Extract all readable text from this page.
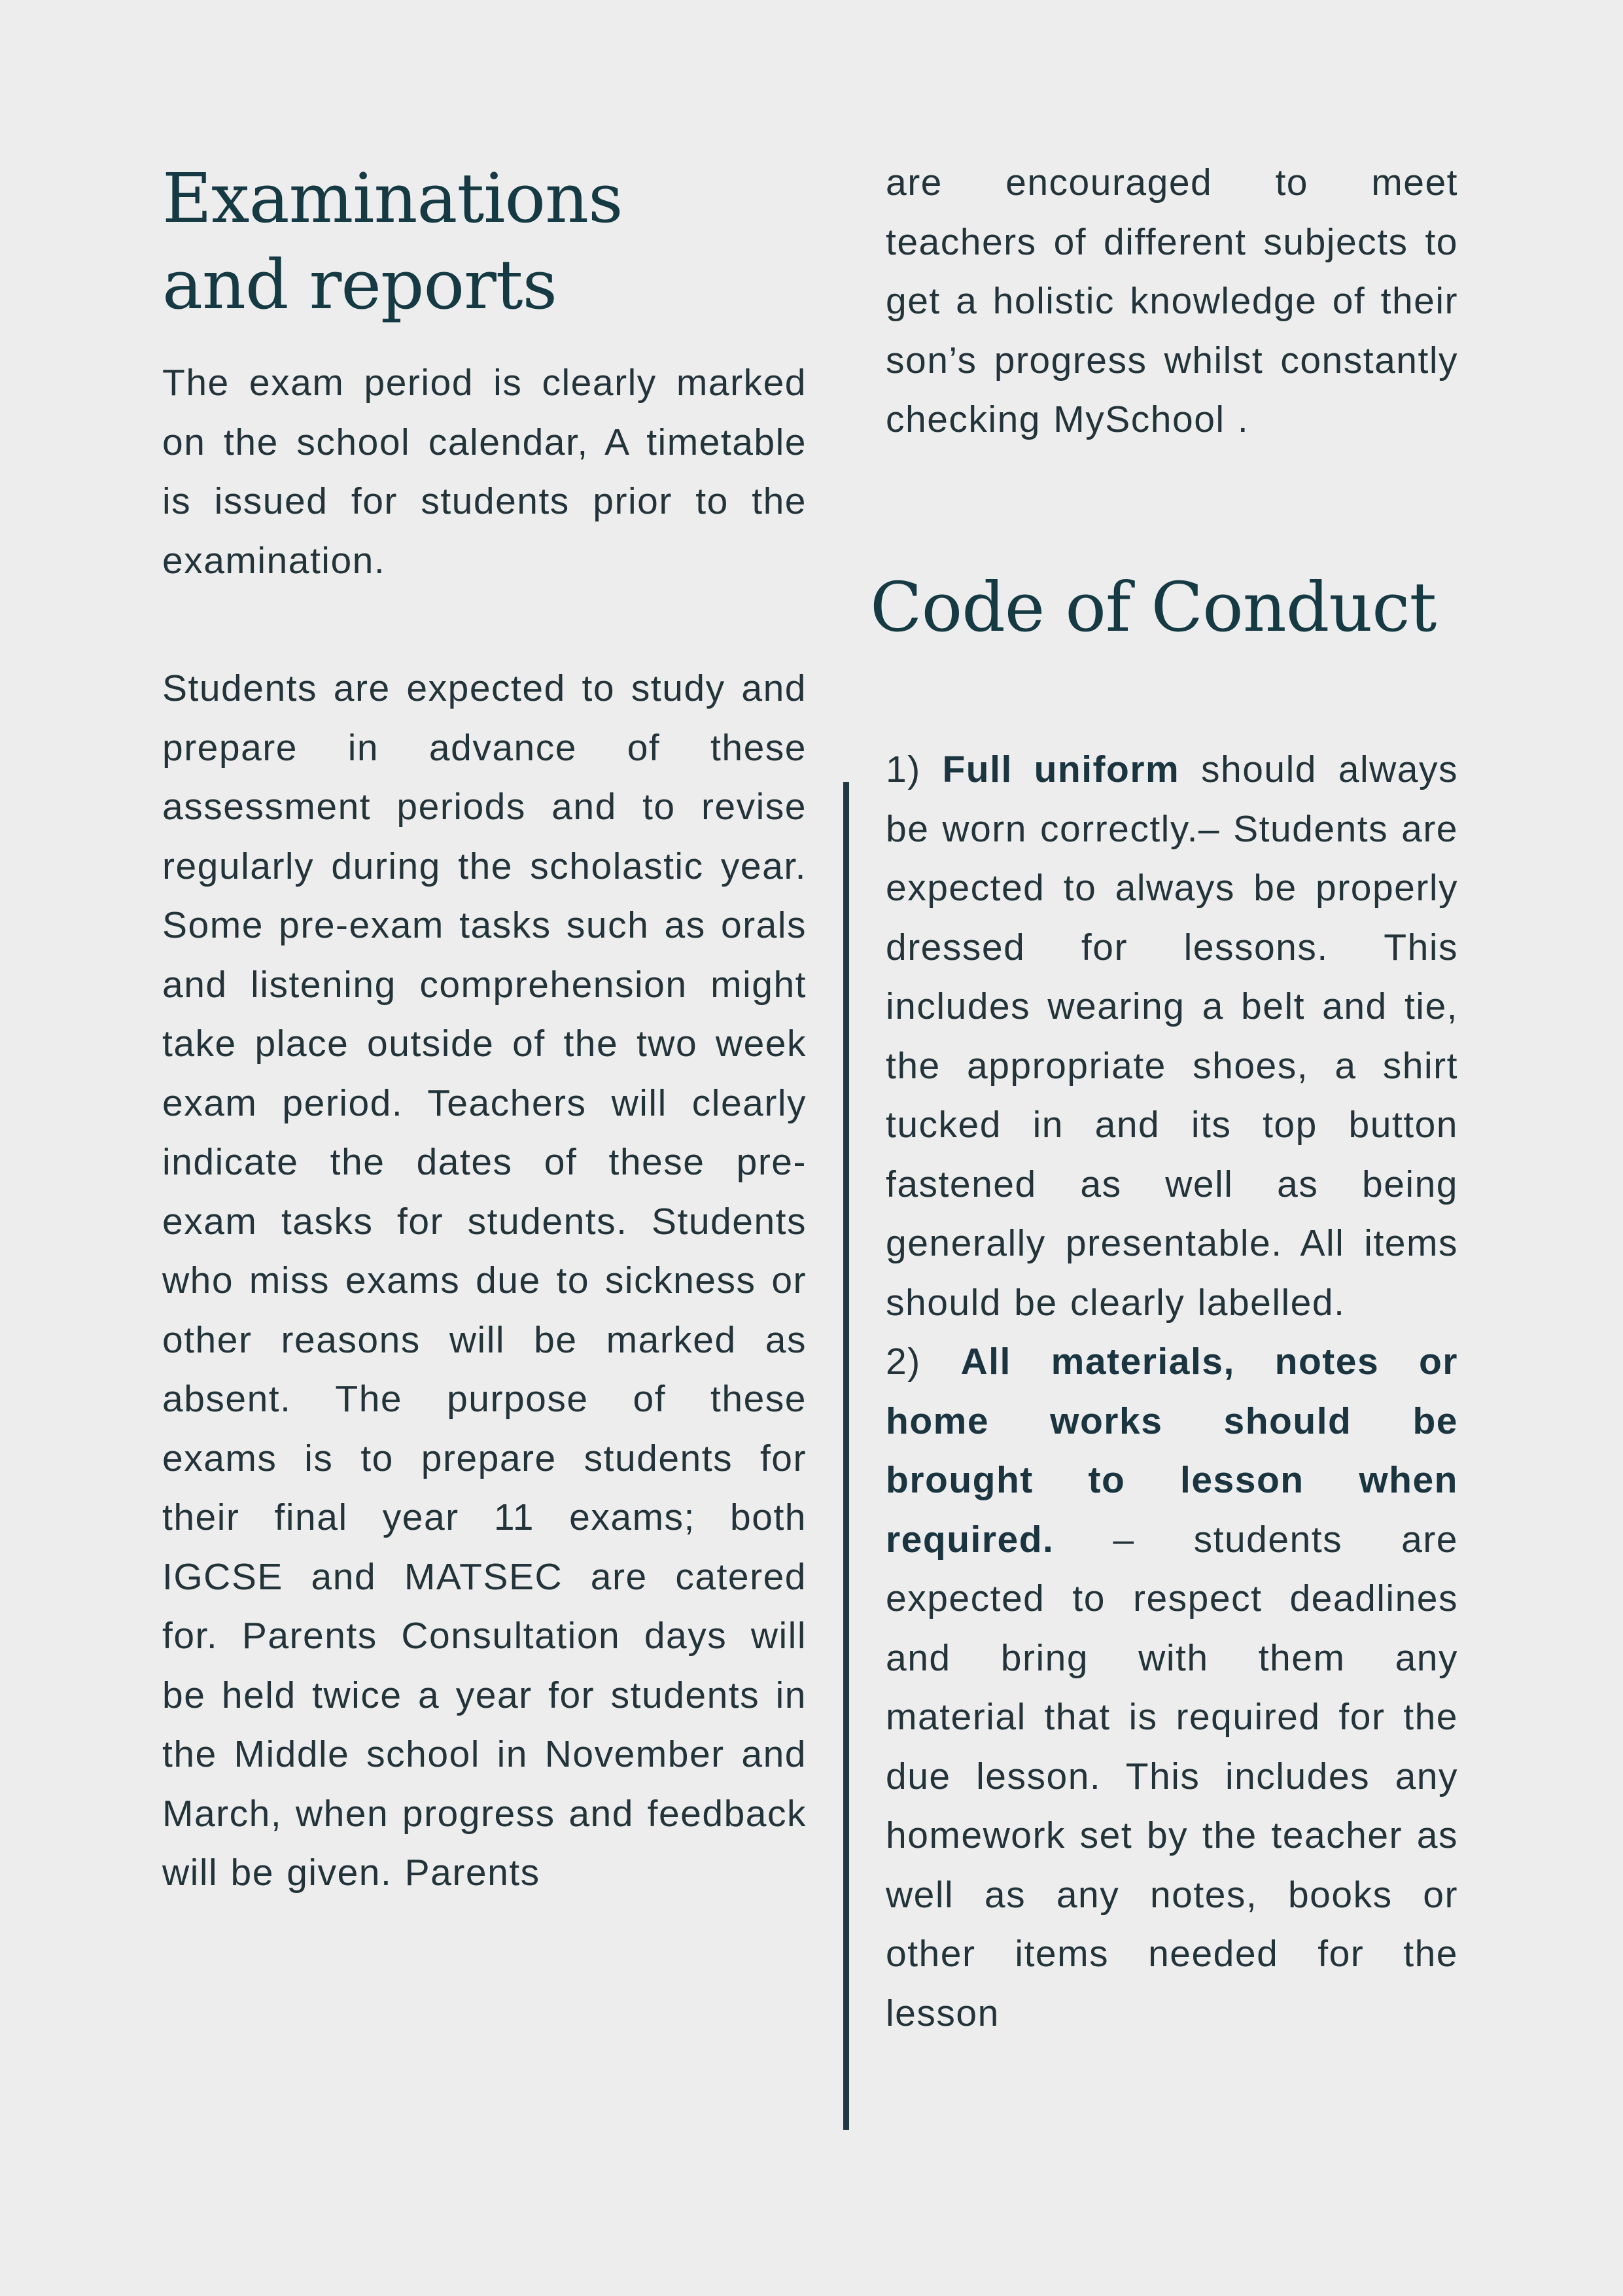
Examinations and reports

The exam period is clearly marked on the school calendar, A timetable is issued for students prior to the examination.

Students are expected to study and prepare in advance of these assessment periods and to revise regularly during the scholastic year. Some pre-exam tasks such as orals and listening comprehension might take place outside of the two week exam period. Teachers will clearly indicate the dates of these pre-exam tasks for students. Students who miss exams due to sickness or other reasons will be marked as absent. The purpose of these exams is to prepare students for their final year 11 exams; both IGCSE and MATSEC are catered for. Parents Consultation days will be held twice a year for students in the Middle school in November and March, when progress and feedback will be given. Parents

are encouraged to meet teachers of different subjects to get a holistic knowledge of their son’s progress whilst constantly checking MySchool .

Code of Conduct

1) Full uniform should always be worn correctly.– Students are expected to always be properly dressed for lessons. This includes wearing a belt and tie, the appropriate shoes, a shirt tucked in and its top button fastened as well as being generally presentable. All items should be clearly labelled.

2) All materials, notes or home works should be brought to lesson when required. – students are expected to respect deadlines and bring with them any material that is required for the due lesson. This includes any homework set by the teacher as well as any notes, books or other items needed for the lesson
